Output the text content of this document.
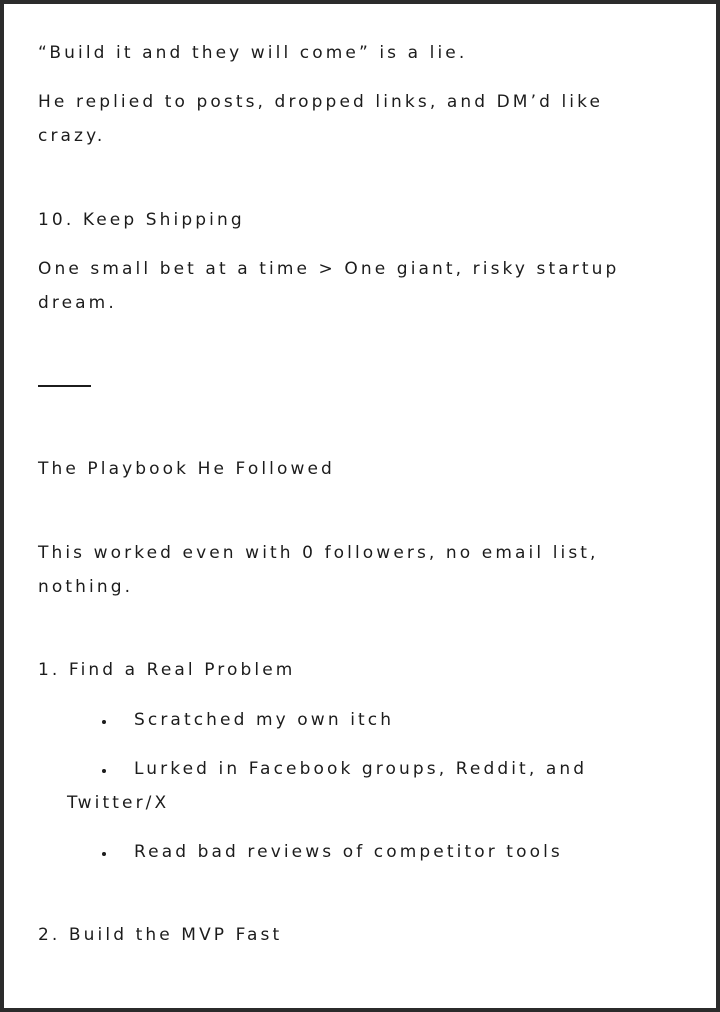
“Build it and they will come” is a lie.

He replied to posts, dropped links, and DM’d like

crazy.

10. Keep Shipping

One small bet at a time > One giant, risky startup

dream.

The Playbook He Followed

This worked even with 0 followers, no email list,

nothing.

1. Find a Real Problem

Scratched my own itch

Lurked in Facebook groups, Reddit, and

Twitter/X

Read bad reviews of competitor tools

2. Build the MVP Fast
